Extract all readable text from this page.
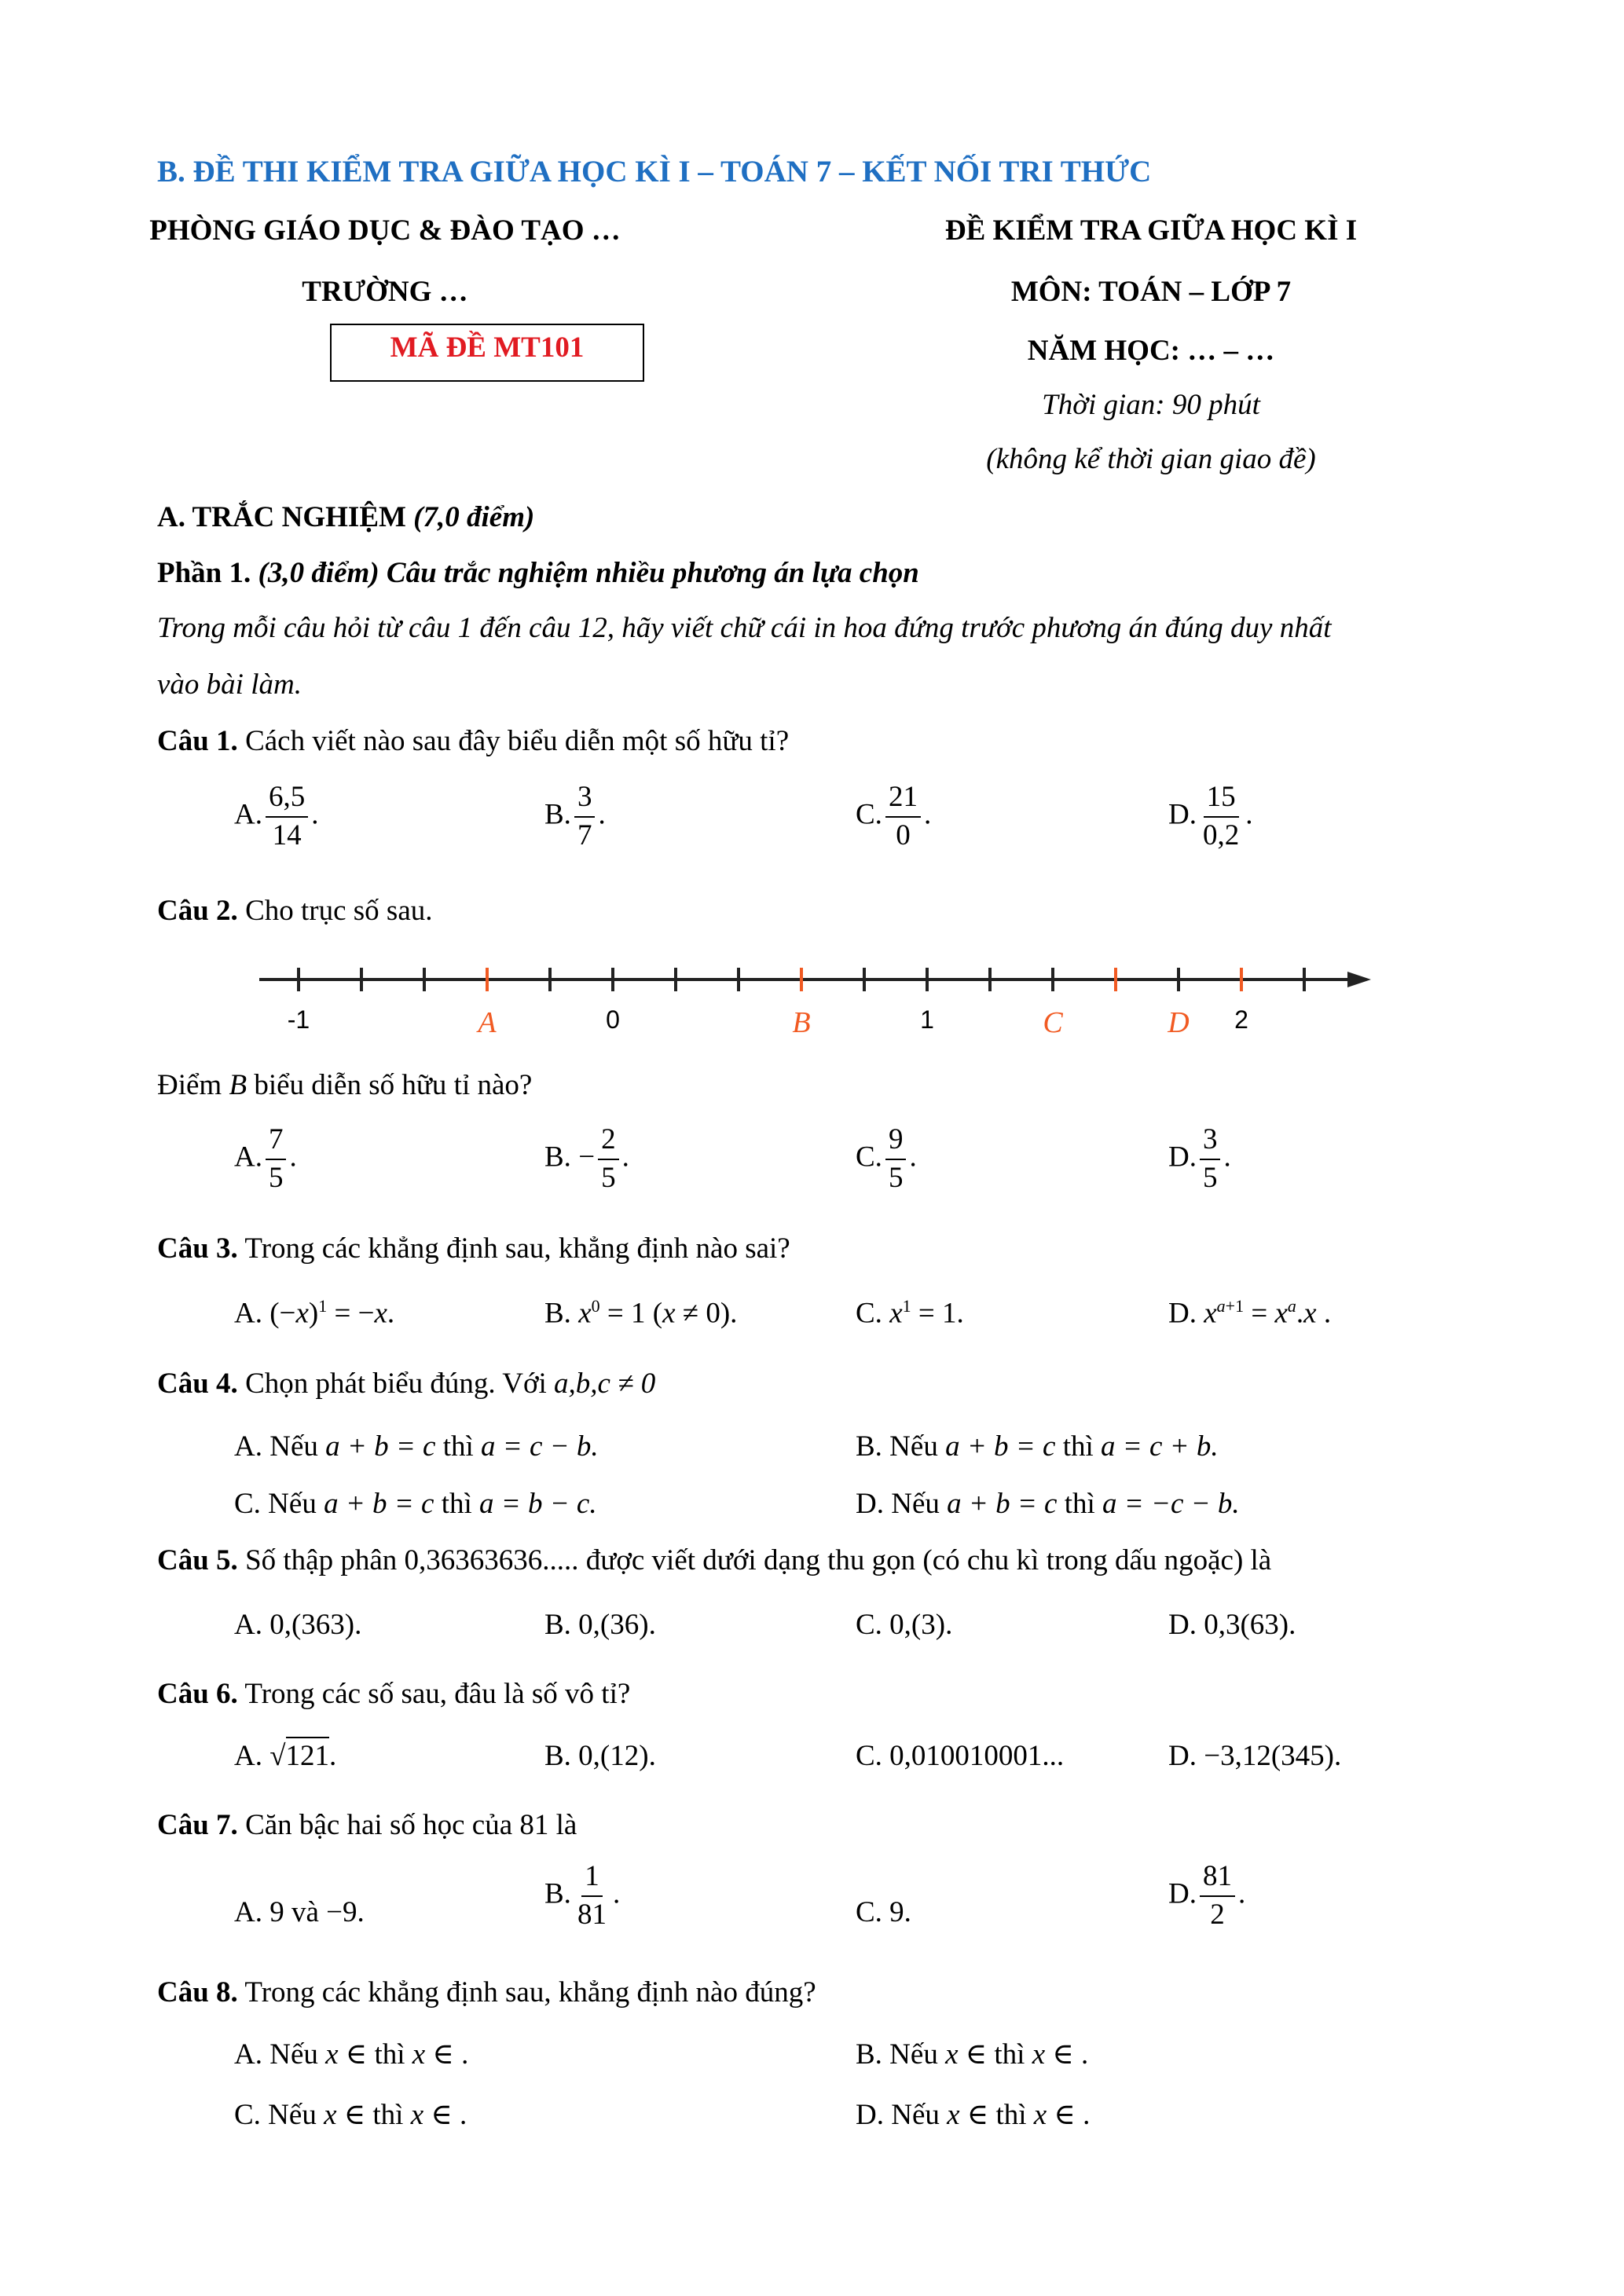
B. ĐỀ THI KIỂM TRA GIỮA HỌC KÌ I – TOÁN 7 – KẾT NỐI TRI THỨC
PHÒNG GIÁO DỤC & ĐÀO TẠO …
TRƯỜNG …
MÃ ĐỀ MT101
ĐỀ KIỂM TRA GIỮA HỌC KÌ I
MÔN: TOÁN – LỚP 7
NĂM HỌC: … – …
Thời gian: 90 phút
(không kể thời gian giao đề)
A. TRẮC NGHIỆM (7,0 điểm)
Phần 1. (3,0 điểm) Câu trắc nghiệm nhiều phương án lựa chọn
Trong mỗi câu hỏi từ câu 1 đến câu 12, hãy viết chữ cái in hoa đứng trước phương án đúng duy nhất
vào bài làm.
Câu 1. Cách viết nào sau đây biểu diễn một số hữu tỉ?
A. $\frac{6,5}{14}$ .	B. $\frac{3}{7}$ .	C. $\frac{21}{0}$ .	D. $\frac{15}{0,2}$ .
Câu 2. Cho trục số sau.
-1	0	1	2
A	B	C	D
Điểm B biểu diễn số hữu tỉ nào?
A. $\frac{7}{5}$ .	B. − $\frac{2}{5}$ .	C. $\frac{9}{5}$ .	D. $\frac{3}{5}$ .
Câu 3. Trong các khẳng định sau, khẳng định nào sai?
A. $(-x)^1 = -x$.	B. $x^0 = 1$ (x ≠ 0).	C. $x^1 = 1$.	D. $x^{a+1} = x^a.x$ .
Câu 4. Chọn phát biểu đúng. Với a,b,c ≠ 0
A. Nếu a + b = c thì a = c − b.	B. Nếu a + b = c thì a = c + b.
C. Nếu a + b = c thì a = b − c.	D. Nếu a + b = c thì a = −c − b.
Câu 5. Số thập phân 0,36363636..... được viết dưới dạng thu gọn (có chu kì trong dấu ngoặc) là
A. 0,(363).	B. 0,(36).	C. 0,(3).	D. 0,3(63).
Câu 6. Trong các số sau, đâu là số vô tỉ?
A. √121.	B. 0,(12).	C. 0,010010001...	D. −3,12(345).
Câu 7. Căn bậc hai số học của 81 là
A. 9 và −9.
B. $\frac{1}{81}$ .
C. 9.
D. $\frac{81}{2}$ .
Câu 8. Trong các khẳng định sau, khẳng định nào đúng?
A. Nếu x ∈ thì x ∈ .	B. Nếu x ∈ thì x ∈ .
C. Nếu x ∈ thì x ∈ .	D. Nếu x ∈ thì x ∈ .
